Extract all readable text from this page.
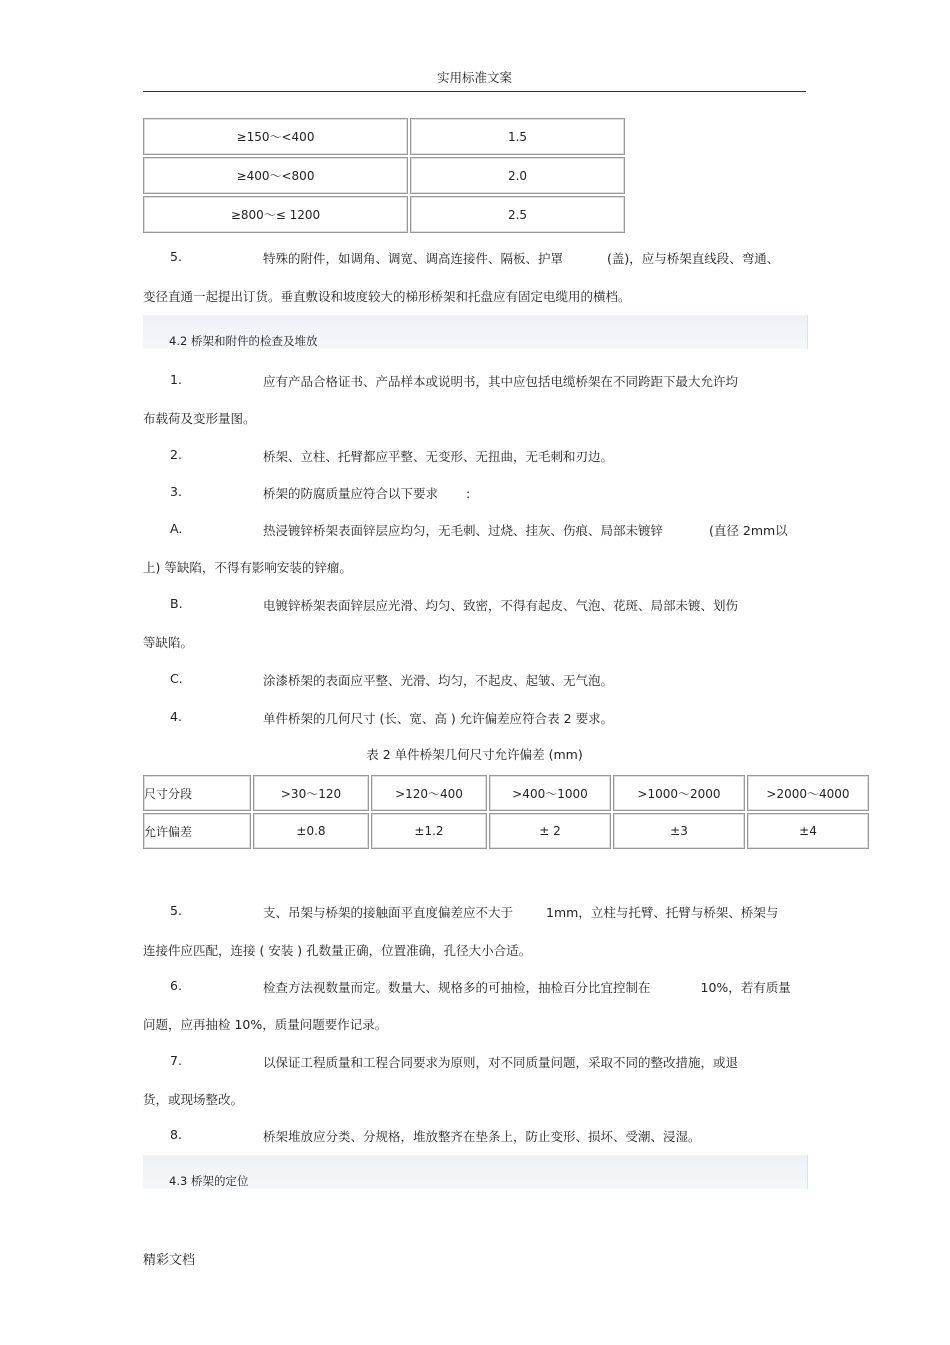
实用标准文案
≥150～<400	1.5
≥400～<800	2.0
≥800～≤ 1200	2.5
5.	特殊的附件，如调角、调宽、调高连接件、隔板、护罩	(盖)，应与桥架直线段、弯通、
变径直通一起提出订货。垂直敷设和坡度较大的梯形桥架和托盘应有固定电缆用的横档。
4.2 桥架和附件的检查及堆放
1.	应有产品合格证书、产品样本或说明书，其中应包括电缆桥架在不同跨距下最大允许均
布载荷及变形量图。
2.	桥架、立柱、托臂都应平整、无变形、无扭曲，无毛刺和刃边。
3.	桥架的防腐质量应符合以下要求 :
A.	热浸镀锌桥架表面锌层应均匀，无毛刺、过烧、挂灰、伤痕、局部未镀锌	(直径 2mm以
上) 等缺陷，不得有影响安装的锌瘤。
B.	电镀锌桥架表面锌层应光滑、均匀、致密，不得有起皮、气泡、花斑、局部未镀、划伤
等缺陷。
C.	涂漆桥架的表面应平整、光滑、均匀，不起皮、起皱、无气泡。
4.	单件桥架的几何尺寸 (长、宽、高 ) 允许偏差应符合表 2 要求。
表 2 单件桥架几何尺寸允许偏差 (mm)
尺寸分段	>30～120	>120～400	>400～1000	>1000～2000	>2000～4000
允许偏差	±0.8	±1.2	± 2	±3	±4
5.	支、吊架与桥架的接触面平直度偏差应不大于	1mm，立柱与托臂、托臂与桥架、桥架与
连接件应匹配，连接 ( 安装 ) 孔数量正确，位置准确，孔径大小合适。
6.	检查方法视数量而定。数量大、规格多的可抽检，抽检百分比宜控制在	10%，若有质量
问题，应再抽检 10%，质量问题要作记录。
7.	以保证工程质量和工程合同要求为原则，对不同质量问题，采取不同的整改措施，或退
货，或现场整改。
8.	桥架堆放应分类、分规格，堆放整齐在垫条上，防止变形、损坏、受潮、浸湿。
4.3 桥架的定位
精彩文档
